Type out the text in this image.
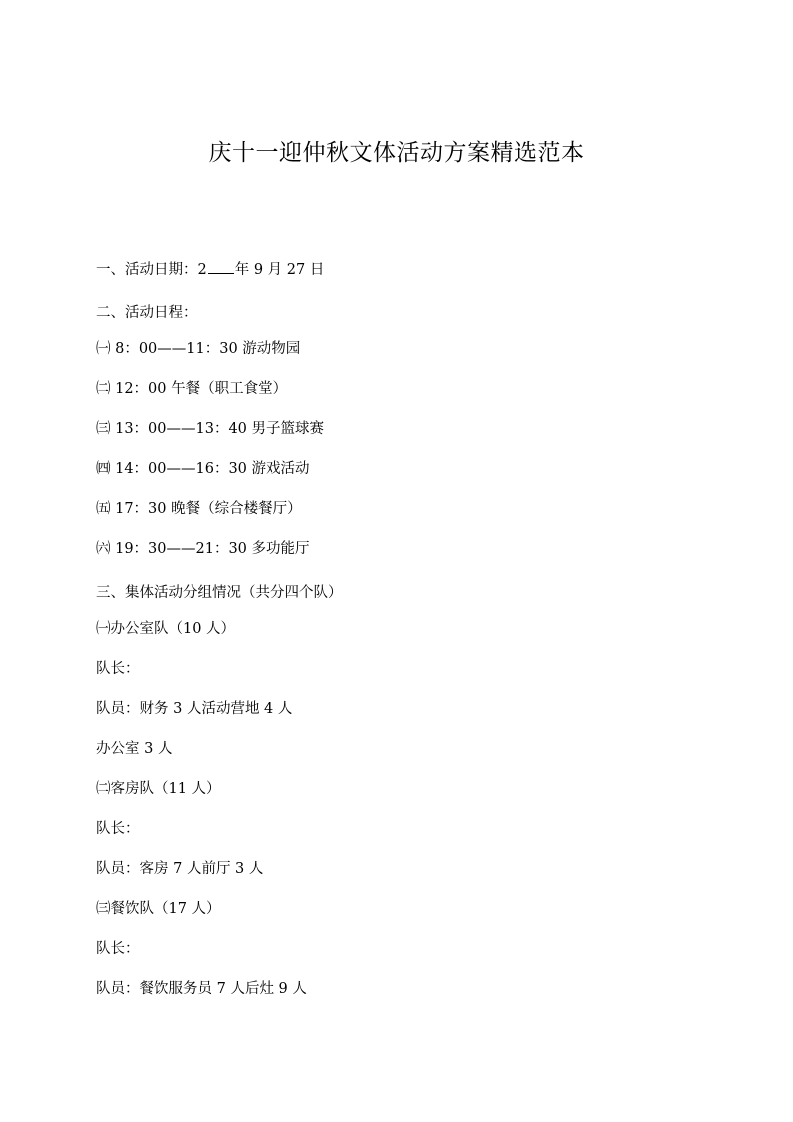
庆十一迎仲秋文体活动方案精选范本
一、活动日期：2 年 9 月 27 日
二、活动日程：
㈠ 8：00——11：30 游动物园
㈡ 12：00 午餐（职工食堂）
㈢ 13：00——13：40 男子篮球赛
㈣ 14：00——16：30 游戏活动
㈤ 17：30 晚餐（综合楼餐厅）
㈥ 19：30——21：30 多功能厅
三、集体活动分组情况（共分四个队）
㈠办公室队（10 人）
队长：
队员：财务 3 人活动营地 4 人
办公室 3 人
㈡客房队（11 人）
队长：
队员：客房 7 人前厅 3 人
㈢餐饮队（17 人）
队长：
队员：餐饮服务员 7 人后灶 9 人
